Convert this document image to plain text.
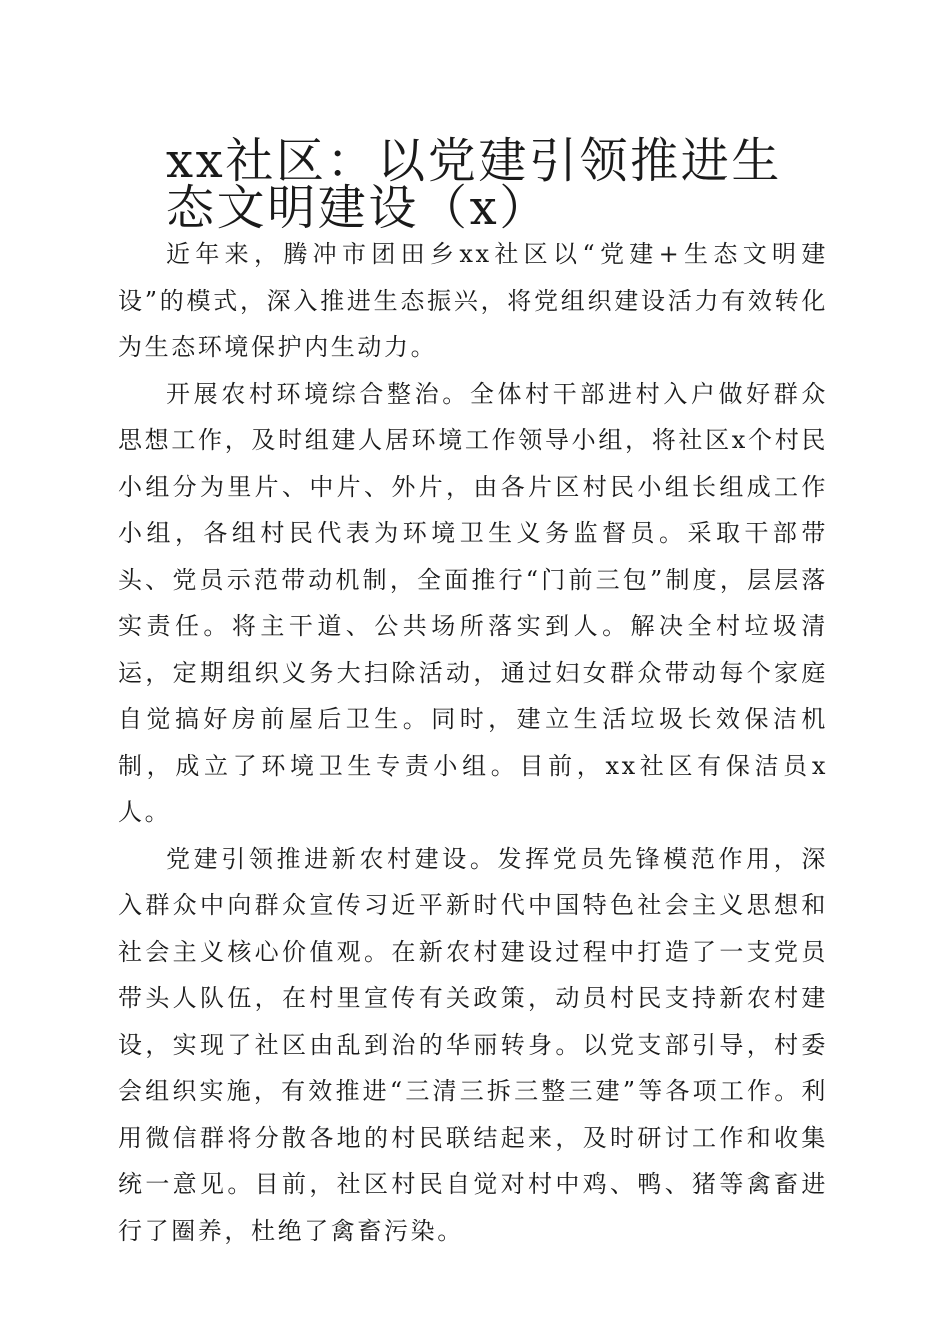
xx社区：以党建引领推进生态文明建设（x）

近年来，腾冲市团田乡xx社区以“党建+生态文明建设”的模式，深入推进生态振兴，将党组织建设活力有效转化为生态环境保护内生动力。

开展农村环境综合整治。全体村干部进村入户做好群众思想工作，及时组建人居环境工作领导小组，将社区x个村民小组分为里片、中片、外片，由各片区村民小组长组成工作小组，各组村民代表为环境卫生义务监督员。采取干部带头、党员示范带动机制，全面推行“门前三包”制度，层层落实责任。将主干道、公共场所落实到人。解决全村垃圾清运，定期组织义务大扫除活动，通过妇女群众带动每个家庭自觉搞好房前屋后卫生。同时，建立生活垃圾长效保洁机制，成立了环境卫生专责小组。目前，xx社区有保洁员x人。

党建引领推进新农村建设。发挥党员先锋模范作用，深入群众中向群众宣传习近平新时代中国特色社会主义思想和社会主义核心价值观。在新农村建设过程中打造了一支党员带头人队伍，在村里宣传有关政策，动员村民支持新农村建设，实现了社区由乱到治的华丽转身。以党支部引导，村委会组织实施，有效推进“三清三拆三整三建”等各项工作。利用微信群将分散各地的村民联结起来，及时研讨工作和收集统一意见。目前，社区村民自觉对村中鸡、鸭、猪等禽畜进行了圈养，杜绝了禽畜污染。
